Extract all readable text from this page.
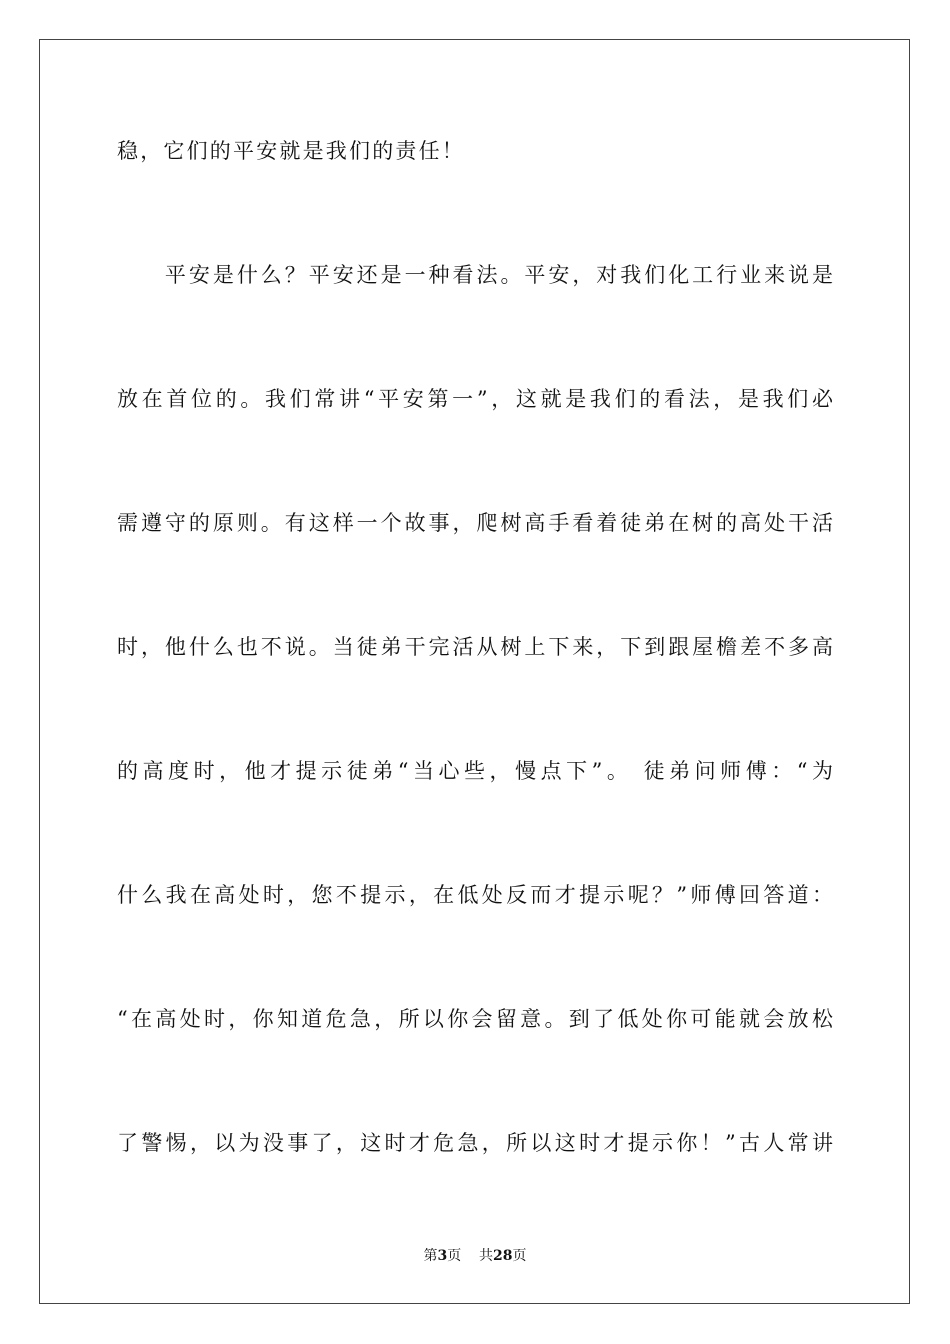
稳，它们的平安就是我们的责任！
　　平安是什么？平安还是一种看法。平安，对我们化工行业来说是
放在首位的。我们常讲“平安第一”，这就是我们的看法，是我们必
需遵守的原则。有这样一个故事，爬树高手看着徒弟在树的高处干活
时，他什么也不说。当徒弟干完活从树上下来，下到跟屋檐差不多高
的高度时，他才提示徒弟“当心些，慢点下”。 徒弟问师傅：“为
什么我在高处时，您不提示，在低处反而才提示呢？”师傅回答道：
“在高处时，你知道危急，所以你会留意。到了低处你可能就会放松
了警惕，以为没事了，这时才危急，所以这时才提示你！”古人常讲
第3页 共28页
